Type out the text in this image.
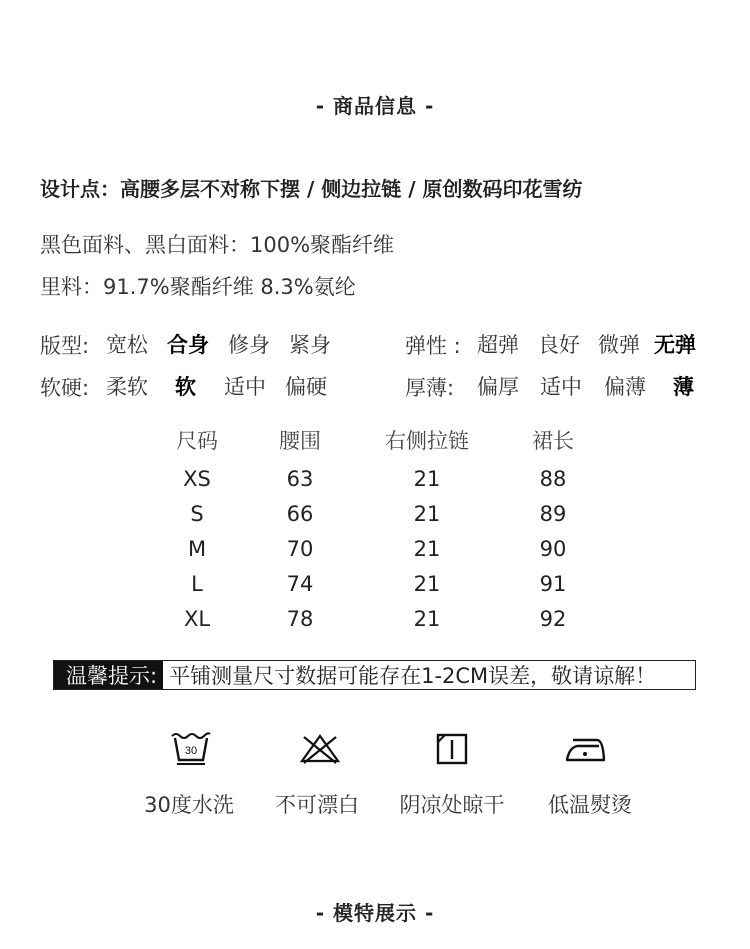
- 商品信息 -
设计点：高腰多层不对称下摆 / 侧边拉链 / 原创数码印花雪纺
黑色面料、黑白面料：100%聚酯纤维
里料：91.7%聚酯纤维 8.3%氨纶
版型: 宽松 合身 修身 紧身	弹性 : 超弹 良好 微弹 无弹
软硬: 柔软 软 适中 偏硬	厚薄: 偏厚 适中 偏薄 薄
尺码	腰围	右侧拉链	裙长
XS	63	21	88
S	66	21	89
M	70	21	90
L	74	21	91
XL	78	21	92
温馨提示: 平铺测量尺寸数据可能存在1-2CM误差，敬请谅解！
30
30度水洗	不可漂白	阴凉处晾干	低温熨烫
- 模特展示 -
